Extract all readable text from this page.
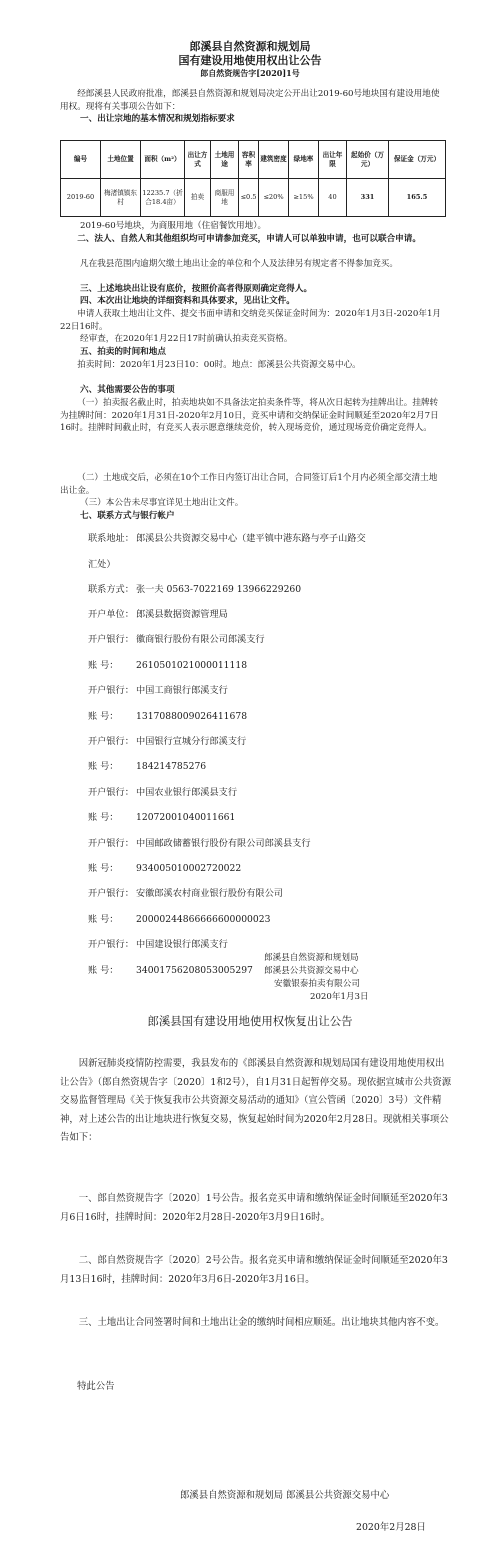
郎溪县自然资源和规划局
国有建设用地使用权出让公告
郎自然资规告字[2020]1号
经郎溪县人民政府批准，郎溪县自然资源和规划局决定公开出让2019-60号地块国有建设用地使用权。现将有关事项公告如下：
一、出让宗地的基本情况和规划指标要求
编号	土地位置	面积（m²）	出让方式	土地用途	容积率	建筑密度	绿地率	出让年限	起始价（万元）	保证金（万元）
2019-60	梅渚镇镇东村	12235.7（折合18.4亩）	拍卖	商服用地	≤0.5	≤20%	≥15%	40	331	165.5
2019-60号地块，为商服用地（住宿餐饮用地）。
二、法人、自然人和其他组织均可申请参加竞买，申请人可以单独申请，也可以联合申请。
凡在我县范围内逾期欠缴土地出让金的单位和个人及法律另有规定者不得参加竞买。
三、上述地块出让设有底价，按照价高者得原则确定竞得人。
四、本次出让地块的详细资料和具体要求，见出让文件。
申请人获取土地出让文件、提交书面申请和交纳竞买保证金时间为：2020年1月3日-2020年1月22日16时。
经审查，在2020年1月22日17时前确认拍卖竞买资格。
五、拍卖的时间和地点
拍卖时间：2020年1月23日10：00时。地点：郎溪县公共资源交易中心。
六、其他需要公告的事项
（一）拍卖报名截止时，拍卖地块如不具备法定拍卖条件等，将从次日起转为挂牌出让。挂牌转为挂牌时间：2020年1月31日-2020年2月10日，竞买申请和交纳保证金时间顺延至2020年2月7日16时。挂牌时间截止时，有竞买人表示愿意继续竞价，转入现场竞价，通过现场竞价确定竞得人。
（二）土地成交后，必须在10个工作日内签订出让合同，合同签订后1个月内必须全部交清土地出让金。
（三）本公告未尽事宜详见土地出让文件。
七、联系方式与银行帐户
联系地址： 郎溪县公共资源交易中心（建平镇中港东路与亭子山路交
汇处）
联系方式： 张一夫 0563-7022169 13966229260
开户单位： 郎溪县数据资源管理局
开户银行： 徽商银行股份有限公司郎溪支行
账 号： 2610501021000011118
开户银行： 中国工商银行郎溪支行
账 号： 1317088009026411678
开户银行： 中国银行宣城分行郎溪支行
账 号： 184214785276
开户银行： 中国农业银行郎溪县支行
账 号： 12072001040011661
开户银行： 中国邮政储蓄银行股份有限公司郎溪县支行
账 号： 934005010002720022
开户银行： 安徽郎溪农村商业银行股份有限公司
账 号： 20000244866666600000023
开户银行： 中国建设银行郎溪支行
账 号： 34001756208053005297
郎溪县自然资源和规划局
郎溪县公共资源交易中心
安徽银泰拍卖有限公司
2020年1月3日
郎溪县国有建设用地使用权恢复出让公告
因新冠肺炎疫情防控需要，我县发布的《郎溪县自然资源和规划局国有建设用地使用权出让公告》（郎自然资规告字〔2020〕1和2号），自1月31日起暂停交易。现依据宣城市公共资源交易监督管理局《关于恢复我市公共资源交易活动的通知》（宣公管函〔2020〕3号）文件精神，对上述公告的出让地块进行恢复交易，恢复起始时间为2020年2月28日。现就相关事项公告如下：
一、郎自然资规告字〔2020〕1号公告。报名竞买申请和缴纳保证金时间顺延至2020年3月6日16时，挂牌时间：2020年2月28日-2020年3月9日16时。
二、郎自然资规告字〔2020〕2号公告。报名竞买申请和缴纳保证金时间顺延至2020年3月13日16时，挂牌时间：2020年3月6日-2020年3月16日。
三、土地出让合同签署时间和土地出让金的缴纳时间相应顺延。出让地块其他内容不变。
特此公告
郎溪县自然资源和规划局 郎溪县公共资源交易中心
2020年2月28日
